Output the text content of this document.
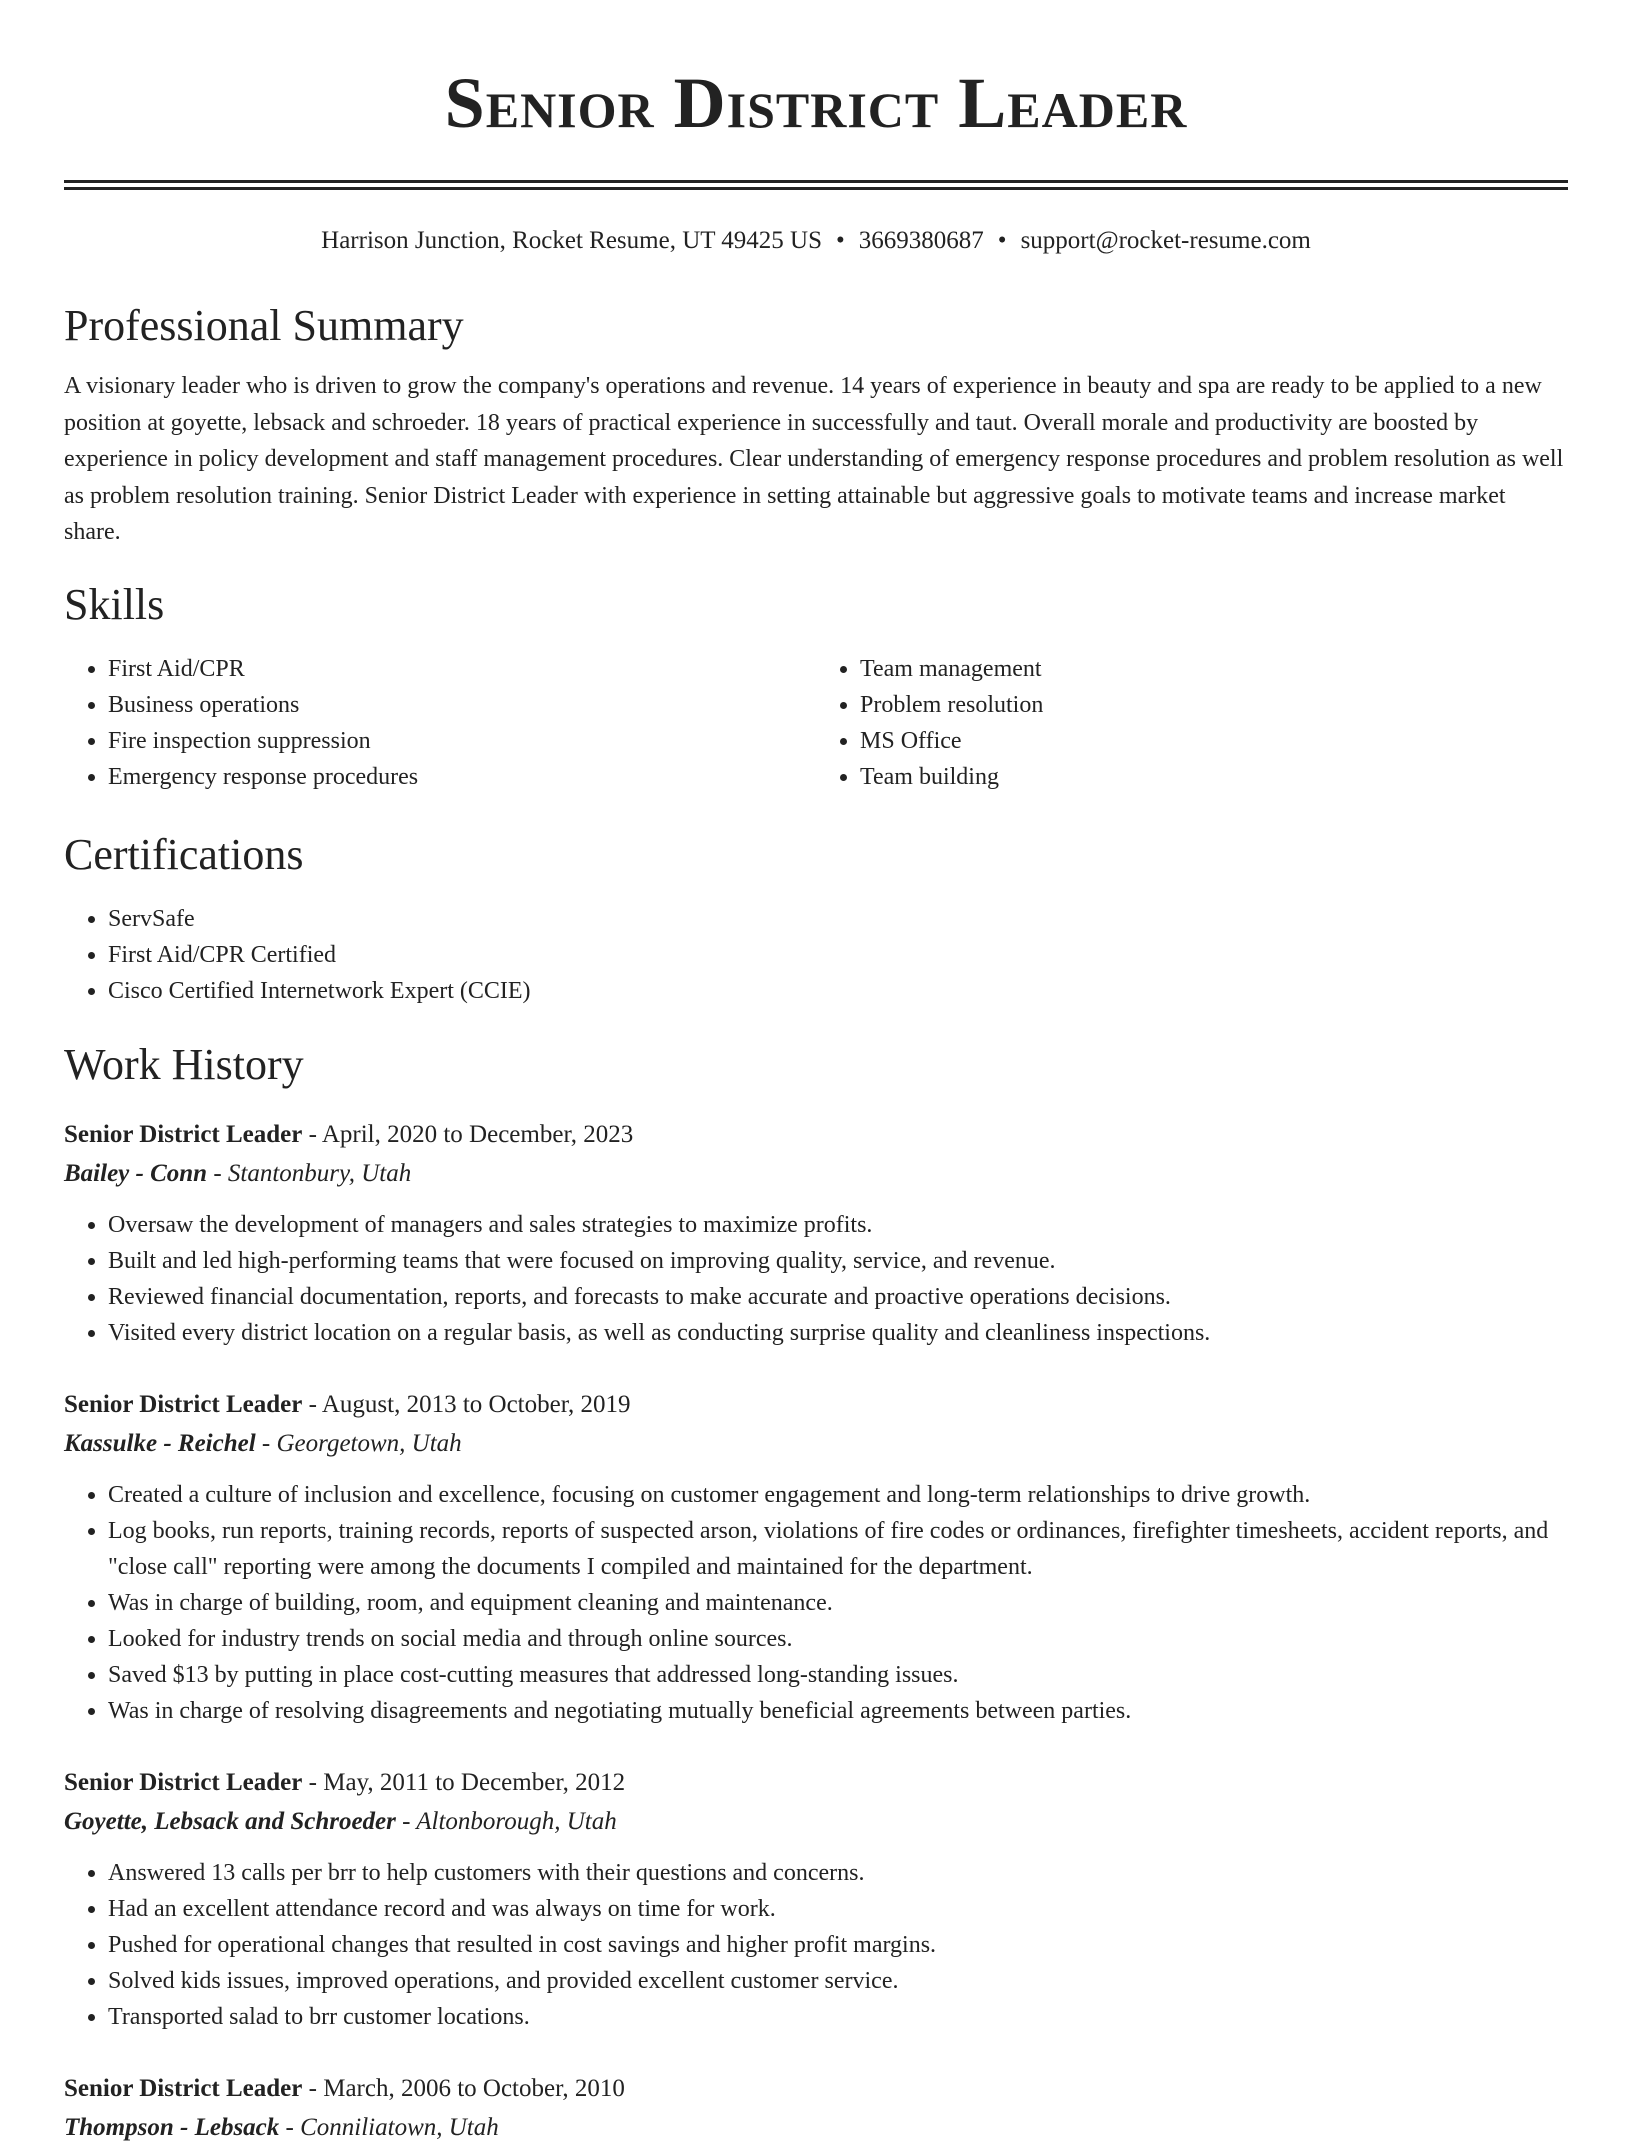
Senior District Leader
Harrison Junction, Rocket Resume, UT 49425 US • 3669380687 • support@rocket-resume.com
Professional Summary

A visionary leader who is driven to grow the company's operations and revenue. 14 years of experience in beauty and spa are ready to be applied to a new position at goyette, lebsack and schroeder. 18 years of practical experience in successfully and taut. Overall morale and productivity are boosted by experience in policy development and staff management procedures. Clear understanding of emergency response procedures and problem resolution as well as problem resolution training. Senior District Leader with experience in setting attainable but aggressive goals to motivate teams and increase market share.

Skills
• First Aid/CPR
• Business operations
• Fire inspection suppression
• Emergency response procedures
• Team management
• Problem resolution
• MS Office
• Team building
Certifications
• ServSafe
• First Aid/CPR Certified
• Cisco Certified Internetwork Expert (CCIE)
Work History
Senior District Leader - April, 2020 to December, 2023
Bailey - Conn - Stantonbury, Utah
• Oversaw the development of managers and sales strategies to maximize profits.
• Built and led high-performing teams that were focused on improving quality, service, and revenue.
• Reviewed financial documentation, reports, and forecasts to make accurate and proactive operations decisions.
• Visited every district location on a regular basis, as well as conducting surprise quality and cleanliness inspections.
Senior District Leader - August, 2013 to October, 2019
Kassulke - Reichel - Georgetown, Utah
• Created a culture of inclusion and excellence, focusing on customer engagement and long-term relationships to drive growth.
• Log books, run reports, training records, reports of suspected arson, violations of fire codes or ordinances, firefighter timesheets, accident reports, and "close call" reporting were among the documents I compiled and maintained for the department.
• Was in charge of building, room, and equipment cleaning and maintenance.
• Looked for industry trends on social media and through online sources.
• Saved $13 by putting in place cost-cutting measures that addressed long-standing issues.
• Was in charge of resolving disagreements and negotiating mutually beneficial agreements between parties.
Senior District Leader - May, 2011 to December, 2012
Goyette, Lebsack and Schroeder - Altonborough, Utah
• Answered 13 calls per brr to help customers with their questions and concerns.
• Had an excellent attendance record and was always on time for work.
• Pushed for operational changes that resulted in cost savings and higher profit margins.
• Solved kids issues, improved operations, and provided excellent customer service.
• Transported salad to brr customer locations.
Senior District Leader - March, 2006 to October, 2010
Thompson - Lebsack - Conniliatown, Utah
